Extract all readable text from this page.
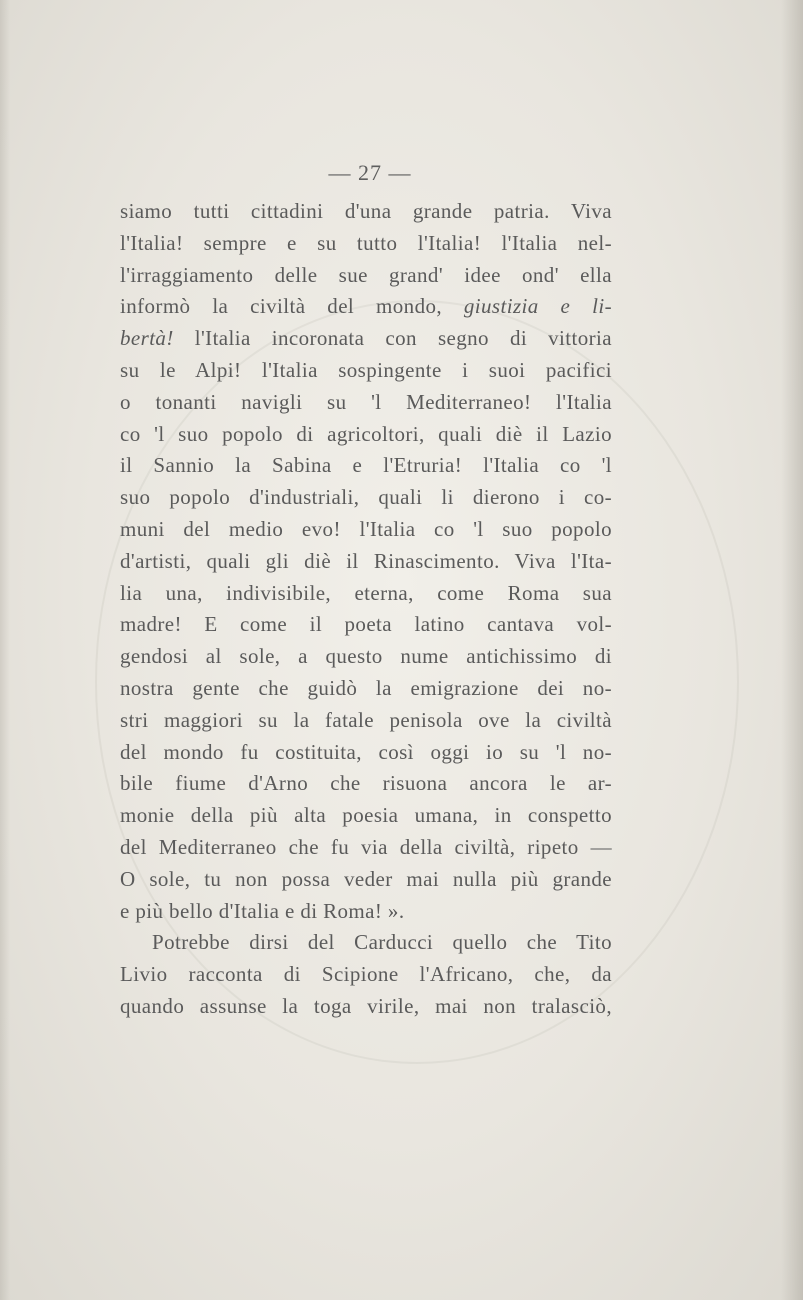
— 27 —
siamo tutti cittadini d'una grande patria. Viva
l'Italia! sempre e su tutto l'Italia! l'Italia nel-
l'irraggiamento delle sue grand' idee ond' ella
informò la civiltà del mondo, giustizia e li-
bertà! l'Italia incoronata con segno di vittoria
su le Alpi! l'Italia sospingente i suoi pacifici
o tonanti navigli su 'l Mediterraneo! l'Italia
co 'l suo popolo di agricoltori, quali diè il Lazio
il Sannio la Sabina e l'Etruria! l'Italia co 'l
suo popolo d'industriali, quali li dierono i co-
muni del medio evo! l'Italia co 'l suo popolo
d'artisti, quali gli diè il Rinascimento. Viva l'Ita-
lia una, indivisibile, eterna, come Roma sua
madre! E come il poeta latino cantava vol-
gendosi al sole, a questo nume antichissimo di
nostra gente che guidò la emigrazione dei no-
stri maggiori su la fatale penisola ove la civiltà
del mondo fu costituita, così oggi io su 'l no-
bile fiume d'Arno che risuona ancora le ar-
monie della più alta poesia umana, in conspetto
del Mediterraneo che fu via della civiltà, ripeto —
O sole, tu non possa veder mai nulla più grande
e più bello d'Italia e di Roma! ».
Potrebbe dirsi del Carducci quello che Tito
Livio racconta di Scipione l'Africano, che, da
quando assunse la toga virile, mai non tralasciò,
